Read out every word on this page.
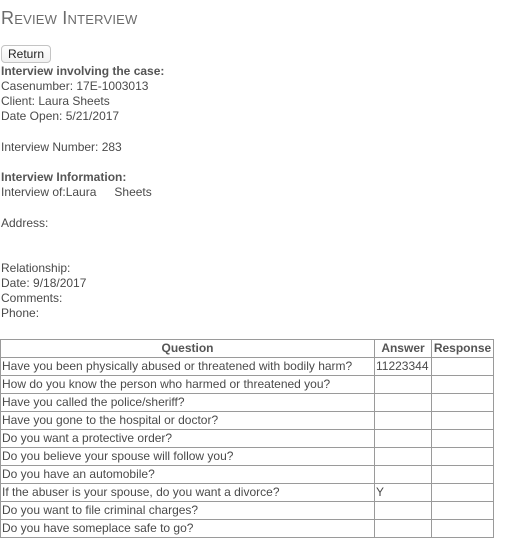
Review Interview
Return
Interview involving the case:
Casenumber: 17E-1003013
Client: Laura Sheets
Date Open: 5/21/2017
Interview Number: 283
Interview Information:
Interview of:Laura Sheets
Address:
Relationship:
Date: 9/18/2017
Comments:
Phone:
Question	Answer	Response
Have you been physically abused or threatened with bodily harm?	11223344	
How do you know the person who harmed or threatened you?		
Have you called the police/sheriff?		
Have you gone to the hospital or doctor?		
Do you want a protective order?		
Do you believe your spouse will follow you?		
Do you have an automobile?		
If the abuser is your spouse, do you want a divorce?	Y	
Do you want to file criminal charges?		
Do you have someplace safe to go?		
